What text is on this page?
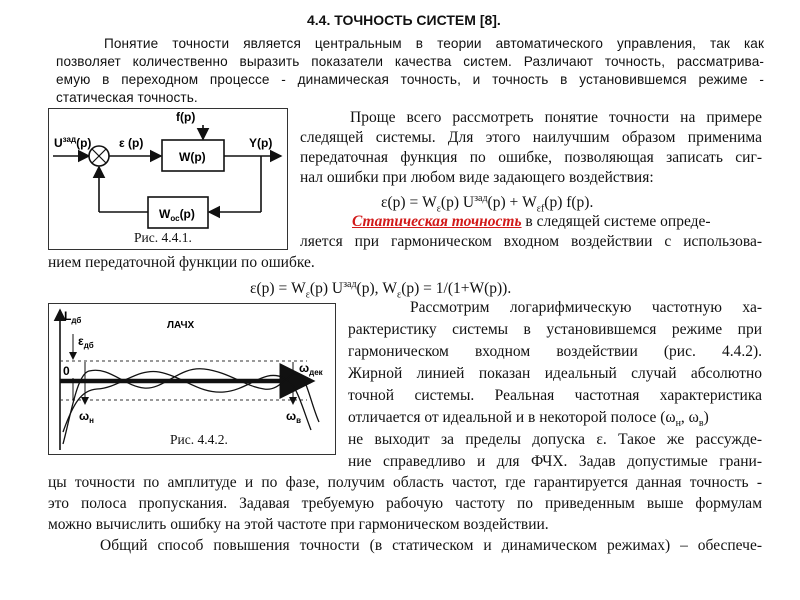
4.4. ТОЧНОСТЬ СИСТЕМ [8].
Понятие точности является центральным в теории автоматического управления, так как
позволяет количественно выразить показатели качества систем. Различают точность, рассматрива-
емую в переходном процессе - динамическая точность, и точность в установившемся режиме -
статическая точность.
$U^{зад}(p)$ ε (p)
f(p)
W(p)
Y(p)
$W_{ос}(p)$
Рис. 4.4.1.
Проще всего рассмотреть понятие точности на примере
следящей системы. Для этого наилучшим образом применима
передаточная функция по ошибке, позволяющая записать сиг-
нал ошибки при любом виде задающего воздействия:
$\varepsilon(p) = W_\varepsilon(p) U^{зад}(p) + W_{\varepsilon f}(p)$ f(p).
Статическая точность в следящей системе опреде-
ляется при гармоническом входном воздействии с использова-
нием передаточной функции по ошибке.
$\varepsilon(p) = W_\varepsilon(p)$ $U^{зад}(p)$, $W_\varepsilon(p) = 1/(1+W(p))$.
$L_{дб}$	ЛАЧХ
$\varepsilon_{дб}$
0	$\omega_{дек}$
$\omega_н$	$\omega_в$
Рис. 4.4.2.
Рассмотрим логарифмическую частотную ха-
рактеристику системы в установившемся режиме при
гармоническом входном воздействии (рис. 4.4.2).
Жирной линией показан идеальный случай абсолютно
точной системы. Реальная частотная характеристика
отличается от идеальной и в некоторой полосе ($\omega_н$, $\omega_в$)
не выходит за пределы допуска ε. Такое же рассужде-
ние справедливо и для ФЧХ. Задав допустимые грани-
цы точности по амплитуде и по фазе, получим область частот, где гарантируется данная точность -
это полоса пропускания. Задавая требуемую рабочую частоту по приведенным выше формулам
можно вычислить ошибку на этой частоте при гармоническом воздействии.
Общий способ повышения точности (в статическом и динамическом режимах) – обеспече-
